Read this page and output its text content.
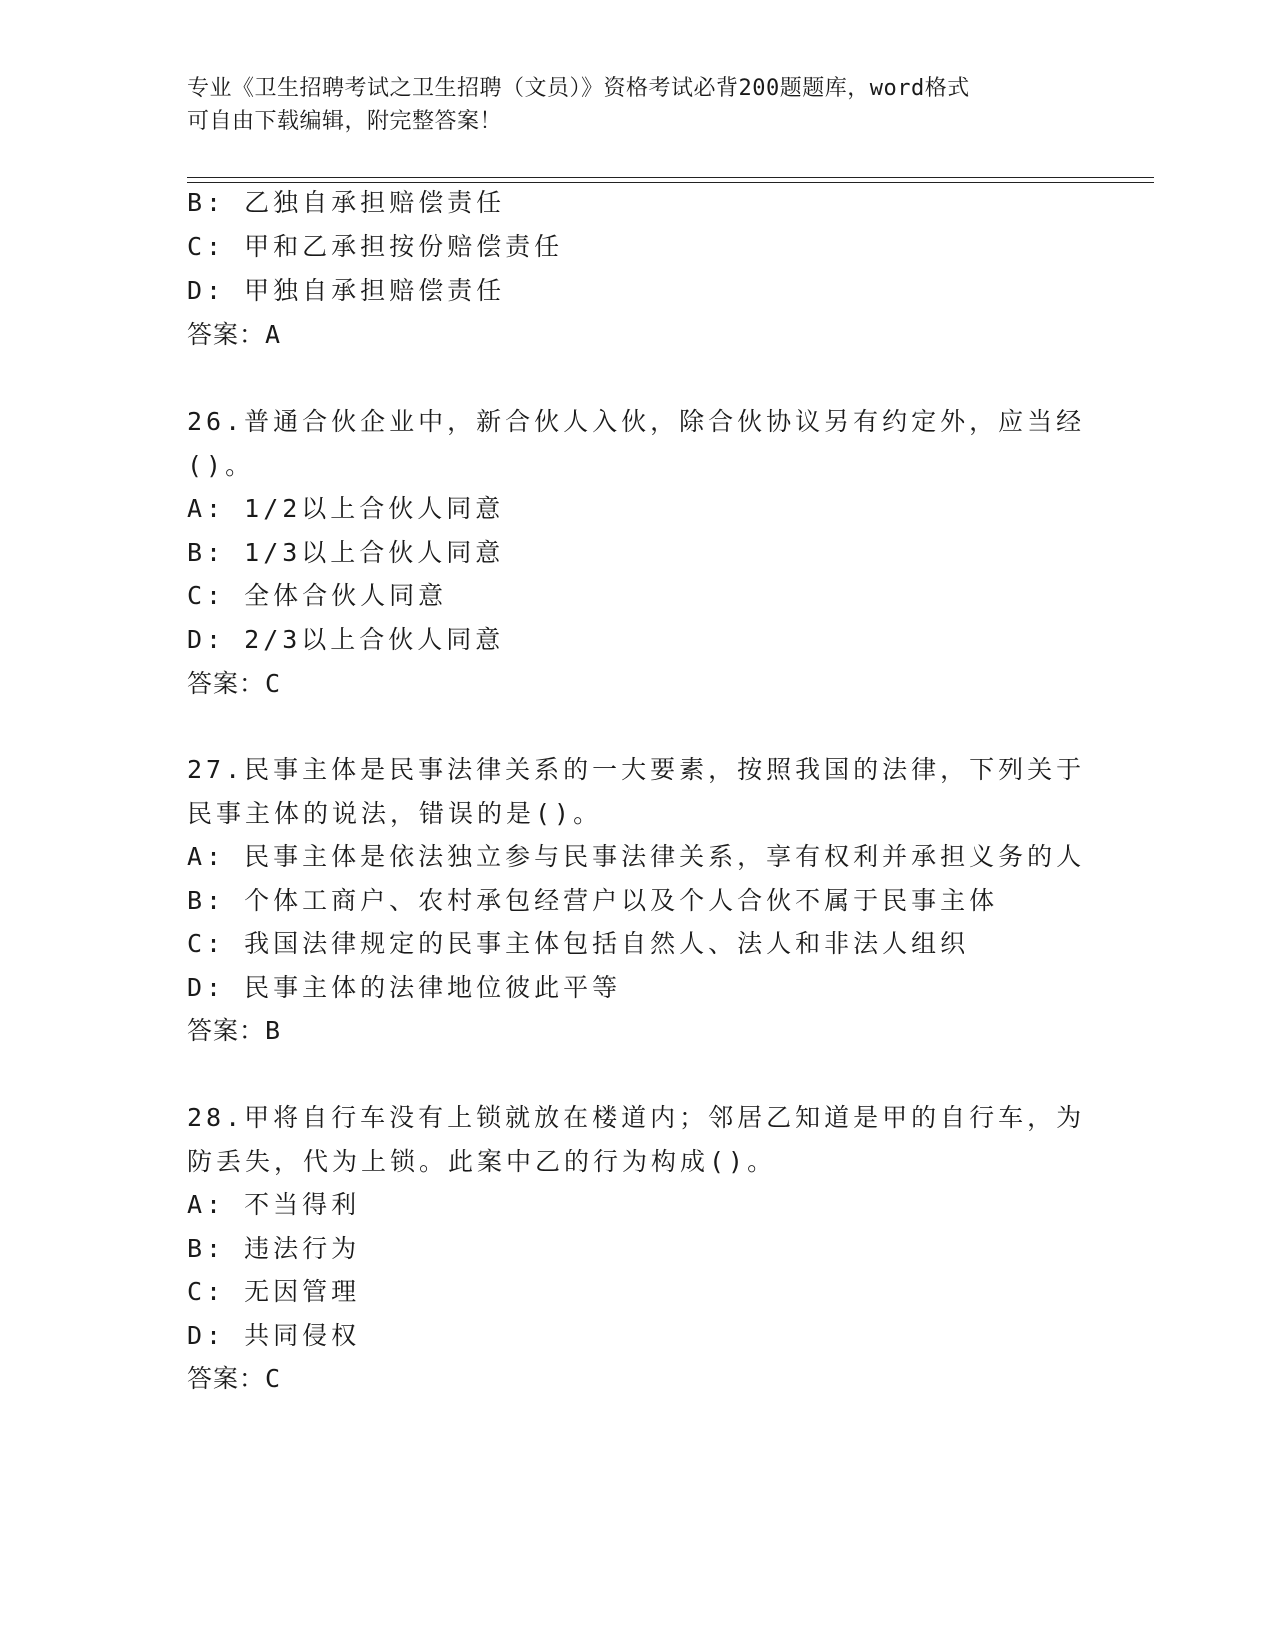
专业《卫生招聘考试之卫生招聘（文员）》资格考试必背200题题库，word格式
可自由下载编辑，附完整答案！
B: 乙独自承担赔偿责任
C: 甲和乙承担按份赔偿责任
D: 甲独自承担赔偿责任
答案：A
26.普通合伙企业中，新合伙人入伙，除合伙协议另有约定外，应当经
()。
A: 1/2以上合伙人同意
B: 1/3以上合伙人同意
C: 全体合伙人同意
D: 2/3以上合伙人同意
答案：C
27.民事主体是民事法律关系的一大要素，按照我国的法律，下列关于
民事主体的说法，错误的是()。
A: 民事主体是依法独立参与民事法律关系，享有权利并承担义务的人
B: 个体工商户、农村承包经营户以及个人合伙不属于民事主体
C: 我国法律规定的民事主体包括自然人、法人和非法人组织
D: 民事主体的法律地位彼此平等
答案：B
28.甲将自行车没有上锁就放在楼道内；邻居乙知道是甲的自行车，为
防丢失，代为上锁。此案中乙的行为构成()。
A: 不当得利
B: 违法行为
C: 无因管理
D: 共同侵权
答案：C
